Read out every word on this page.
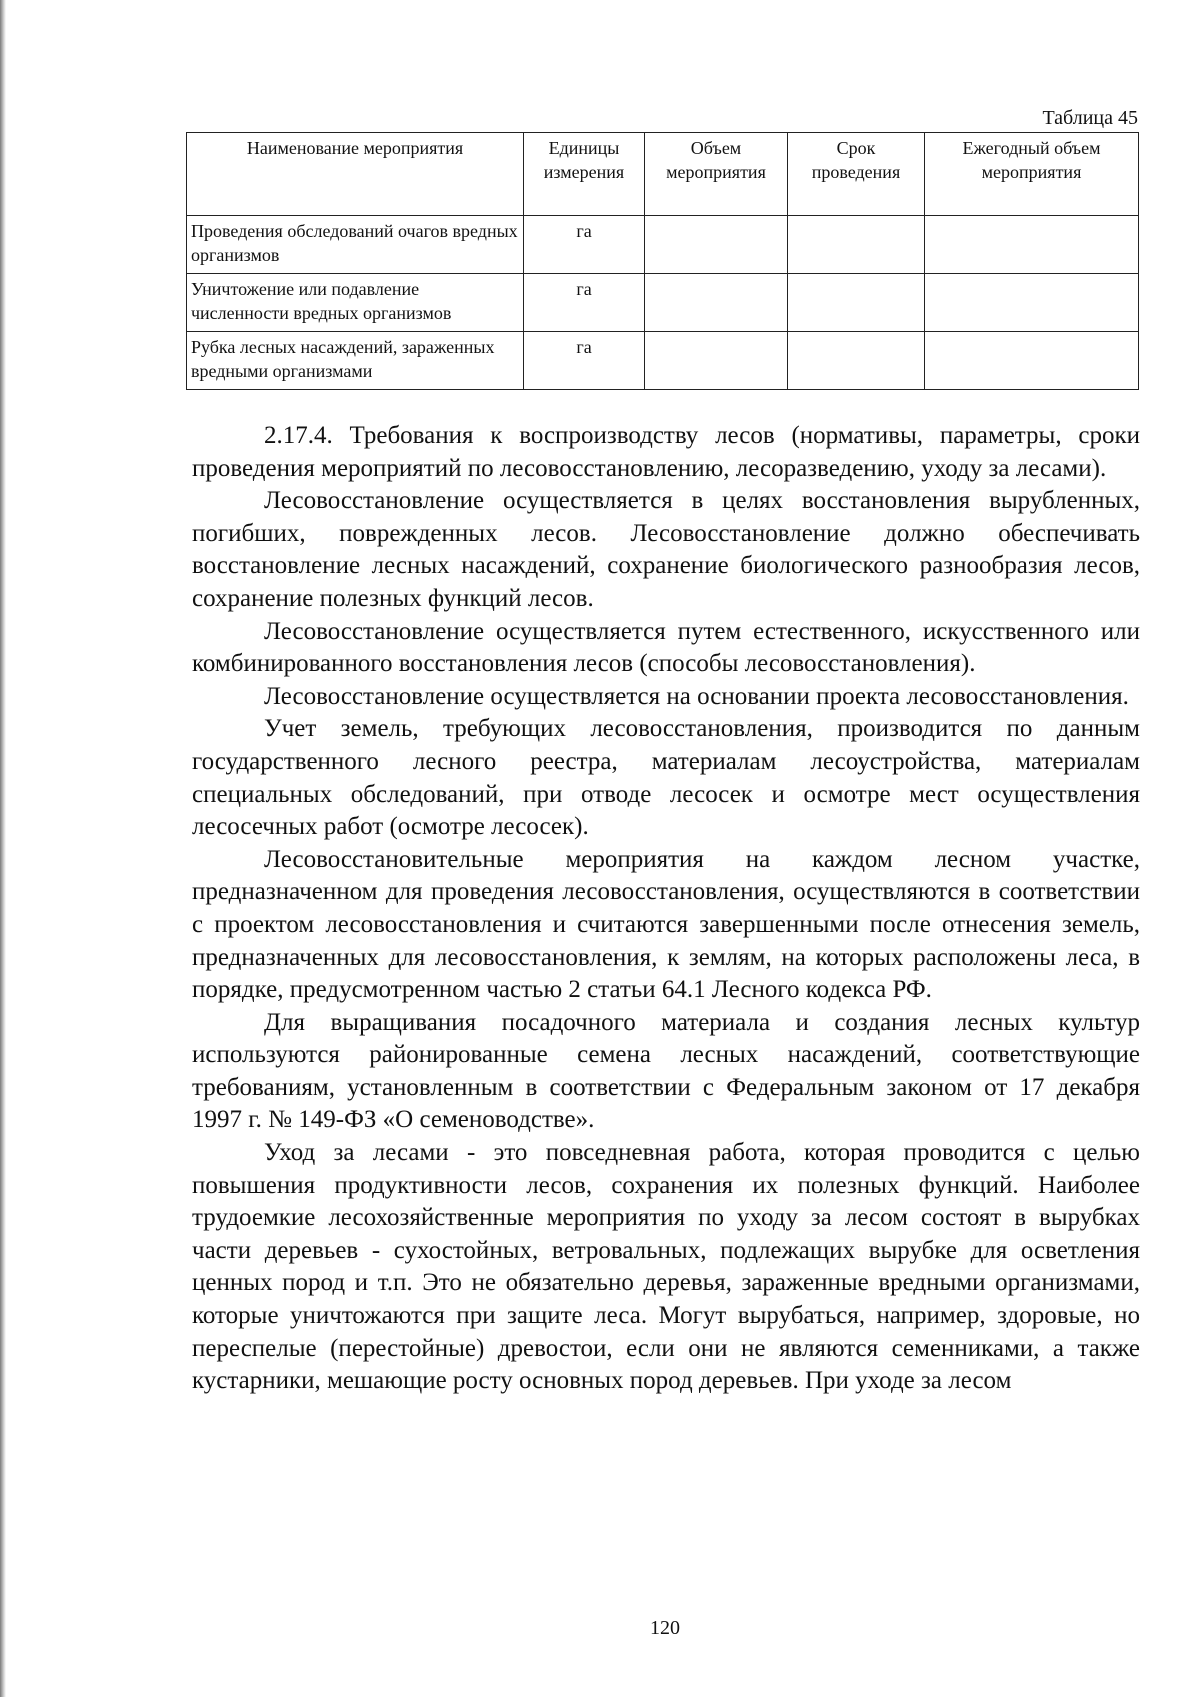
Таблица 45
Наименование мероприятия	Единицы измерения	Объем мероприятия	Срок проведения	Ежегодный объем мероприятия
Проведения обследований очагов вредных организмов	га			
Уничтожение или подавление численности вредных организмов	га			
Рубка лесных насаждений, зараженных вредными организмами	га			

2.17.4. Требования к воспроизводству лесов (нормативы, параметры, сроки проведения мероприятий по лесовосстановлению, лесоразведению, уходу за лесами).

Лесовосстановление осуществляется в целях восстановления вырубленных, погибших, поврежденных лесов. Лесовосстановление должно обеспечивать восстановление лесных насаждений, сохранение биологического разнообразия лесов, сохранение полезных функций лесов.

Лесовосстановление осуществляется путем естественного, искусственного или комбинированного восстановления лесов (способы лесовосстановления).

Лесовосстановление осуществляется на основании проекта лесовосстановления.

Учет земель, требующих лесовосстановления, производится по данным государственного лесного реестра, материалам лесоустройства, материалам специальных обследований, при отводе лесосек и осмотре мест осуществления лесосечных работ (осмотре лесосек).

Лесовосстановительные мероприятия на каждом лесном участке, предназначенном для проведения лесовосстановления, осуществляются в соответствии с проектом лесовосстановления и считаются завершенными после отнесения земель, предназначенных для лесовосстановления, к землям, на которых расположены леса, в порядке, предусмотренном частью 2 статьи 64.1 Лесного кодекса РФ.

Для выращивания посадочного материала и создания лесных культур используются районированные семена лесных насаждений, соответствующие требованиям, установленным в соответствии с Федеральным законом от 17 декабря 1997 г. № 149-ФЗ «О семеноводстве».

Уход за лесами - это повседневная работа, которая проводится с целью повышения продуктивности лесов, сохранения их полезных функций. Наиболее трудоемкие лесохозяйственные мероприятия по уходу за лесом состоят в вырубках части деревьев - сухостойных, ветровальных, подлежащих вырубке для осветления ценных пород и т.п. Это не обязательно деревья, зараженные вредными организмами, которые уничтожаются при защите леса. Могут вырубаться, например, здоровые, но переспелые (перестойные) древостои, если они не являются семенниками, а также кустарники, мешающие росту основных пород деревьев. При уходе за лесом

120
